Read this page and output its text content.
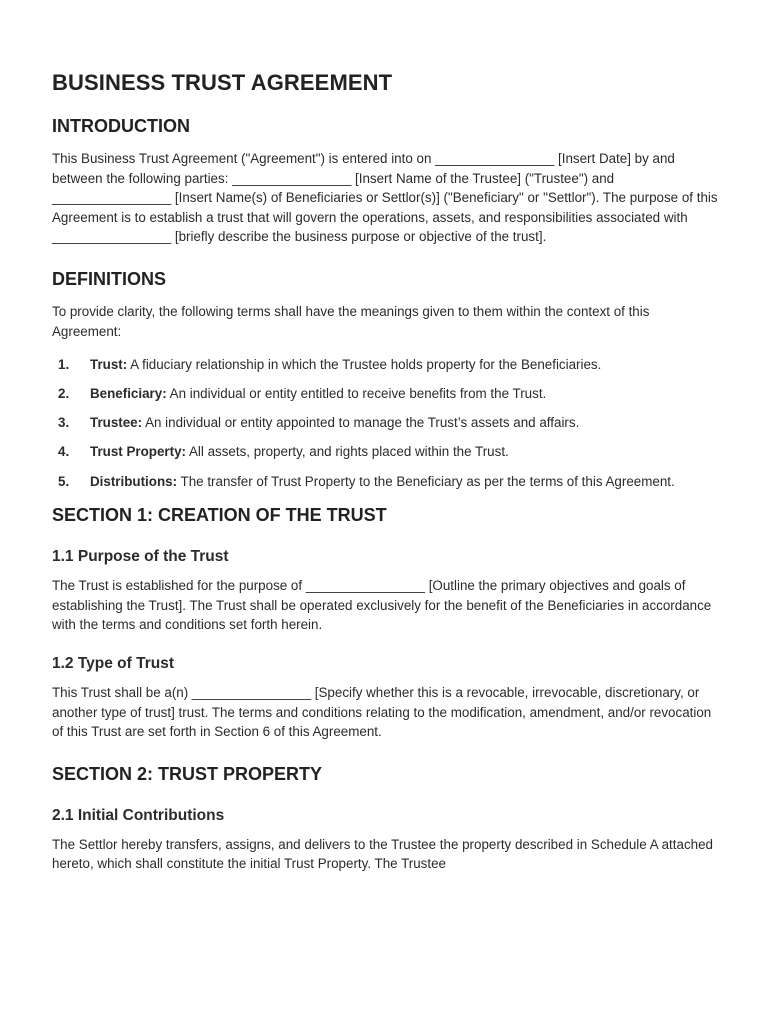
BUSINESS TRUST AGREEMENT
INTRODUCTION

This Business Trust Agreement ("Agreement") is entered into on ________________ [Insert Date] by and between the following parties: ________________ [Insert Name of the Trustee] ("Trustee") and ________________ [Insert Name(s) of Beneficiaries or Settlor(s)] ("Beneficiary" or "Settlor"). The purpose of this Agreement is to establish a trust that will govern the operations, assets, and responsibilities associated with ________________ [briefly describe the business purpose or objective of the trust].

DEFINITIONS

To provide clarity, the following terms shall have the meanings given to them within the context of this Agreement:

1.	Trust: A fiduciary relationship in which the Trustee holds property for the Beneficiaries.
2.	Beneficiary: An individual or entity entitled to receive benefits from the Trust.
3.	Trustee: An individual or entity appointed to manage the Trust’s assets and affairs.
4.	Trust Property: All assets, property, and rights placed within the Trust.
5.	Distributions: The transfer of Trust Property to the Beneficiary as per the terms of this Agreement.
SECTION 1: CREATION OF THE TRUST
1.1 Purpose of the Trust

The Trust is established for the purpose of ________________ [Outline the primary objectives and goals of establishing the Trust]. The Trust shall be operated exclusively for the benefit of the Beneficiaries in accordance with the terms and conditions set forth herein.

1.2 Type of Trust

This Trust shall be a(n) ________________ [Specify whether this is a revocable, irrevocable, discretionary, or another type of trust] trust. The terms and conditions relating to the modification, amendment, and/or revocation of this Trust are set forth in Section 6 of this Agreement.

SECTION 2: TRUST PROPERTY
2.1 Initial Contributions

The Settlor hereby transfers, assigns, and delivers to the Trustee the property described in Schedule A attached hereto, which shall constitute the initial Trust Property. The Trustee
